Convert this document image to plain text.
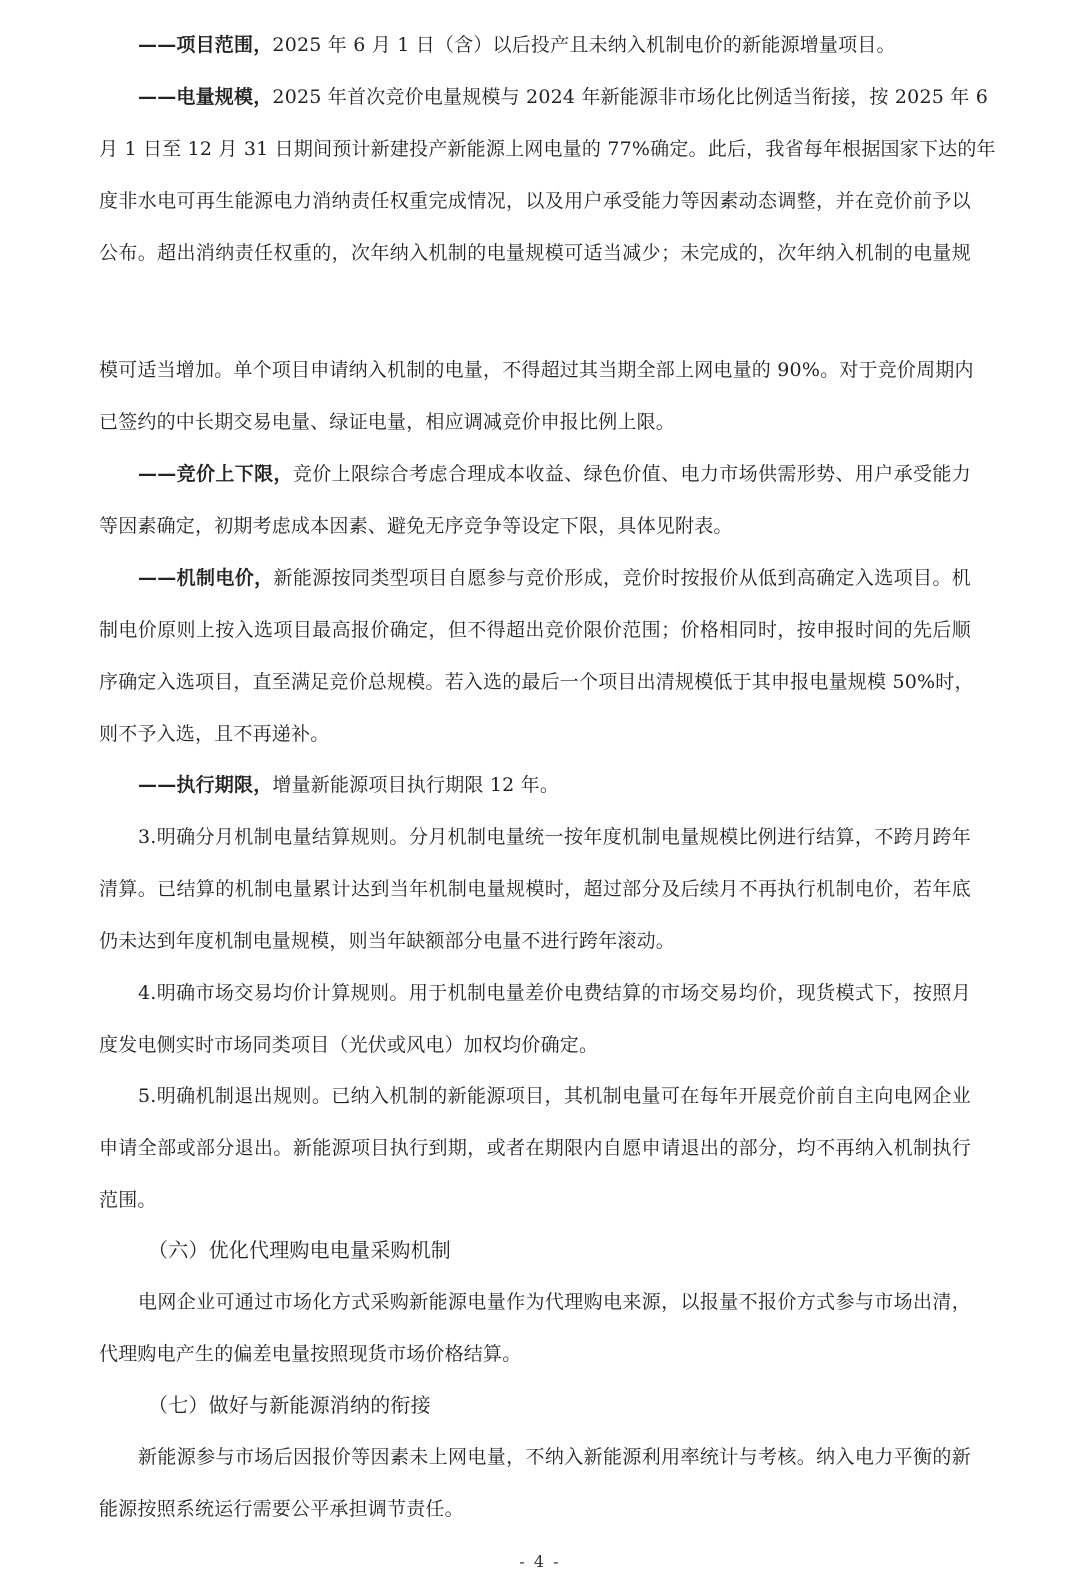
——项目范围，2025 年 6 月 1 日（含）以后投产且未纳入机制电价的新能源增量项目。
——电量规模，2025 年首次竞价电量规模与 2024 年新能源非市场化比例适当衔接，按 2025 年 6
月 1 日至 12 月 31 日期间预计新建投产新能源上网电量的 77%确定。此后，我省每年根据国家下达的年
度非水电可再生能源电力消纳责任权重完成情况，以及用户承受能力等因素动态调整，并在竞价前予以
公布。超出消纳责任权重的，次年纳入机制的电量规模可适当减少；未完成的，次年纳入机制的电量规
模可适当增加。单个项目申请纳入机制的电量，不得超过其当期全部上网电量的 90%。对于竞价周期内
已签约的中长期交易电量、绿证电量，相应调减竞价申报比例上限。
——竞价上下限，竞价上限综合考虑合理成本收益、绿色价值、电力市场供需形势、用户承受能力
等因素确定，初期考虑成本因素、避免无序竞争等设定下限，具体见附表。
——机制电价，新能源按同类型项目自愿参与竞价形成，竞价时按报价从低到高确定入选项目。机
制电价原则上按入选项目最高报价确定，但不得超出竞价限价范围；价格相同时，按申报时间的先后顺
序确定入选项目，直至满足竞价总规模。若入选的最后一个项目出清规模低于其申报电量规模 50%时，
则不予入选，且不再递补。
——执行期限，增量新能源项目执行期限 12 年。
3.明确分月机制电量结算规则。分月机制电量统一按年度机制电量规模比例进行结算，不跨月跨年
清算。已结算的机制电量累计达到当年机制电量规模时，超过部分及后续月不再执行机制电价，若年底
仍未达到年度机制电量规模，则当年缺额部分电量不进行跨年滚动。
4.明确市场交易均价计算规则。用于机制电量差价电费结算的市场交易均价，现货模式下，按照月
度发电侧实时市场同类项目（光伏或风电）加权均价确定。
5.明确机制退出规则。已纳入机制的新能源项目，其机制电量可在每年开展竞价前自主向电网企业
申请全部或部分退出。新能源项目执行到期，或者在期限内自愿申请退出的部分，均不再纳入机制执行
范围。
（六）优化代理购电电量采购机制
电网企业可通过市场化方式采购新能源电量作为代理购电来源，以报量不报价方式参与市场出清，
代理购电产生的偏差电量按照现货市场价格结算。
（七）做好与新能源消纳的衔接
新能源参与市场后因报价等因素未上网电量，不纳入新能源利用率统计与考核。纳入电力平衡的新
能源按照系统运行需要公平承担调节责任。
- 4 -
